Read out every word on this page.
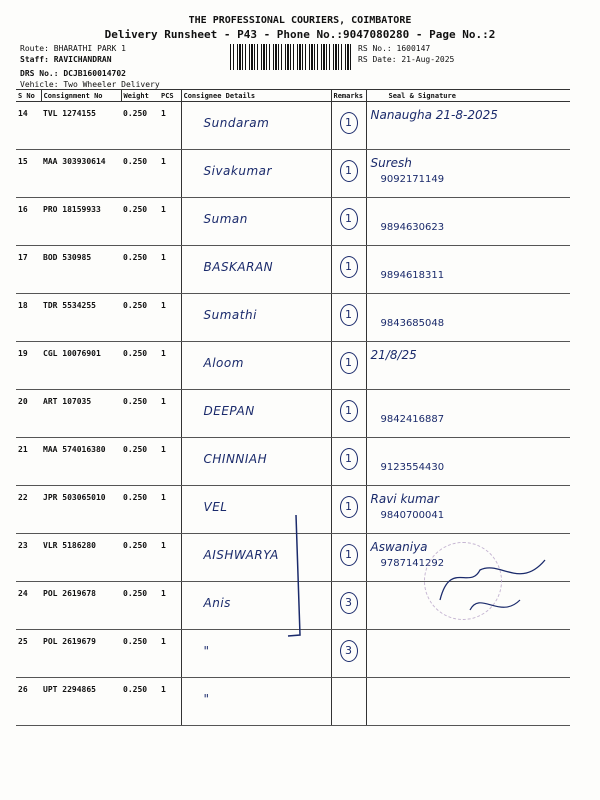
THE PROFESSIONAL COURIERS, COIMBATORE
Delivery Runsheet - P43 - Phone No.:9047080280 - Page No.:2
Route: BHARATHI PARK 1
Staff: RAVICHANDRAN
DRS No.: DCJB160014702
Vehicle: Two Wheeler Delivery
RS No.: 1600147
RS Date: 21-Aug-2025
S No	Consignment No	Weight	PCS	Consignee Details	Remarks	Seal & Signature
14	TVL 1274155	0.250	1	Sundaram	1	Nanaugha 21-8-2025

15	MAA 303930614	0.250	1	Sivakumar	1	Suresh
9092171149

16	PRO 18159933	0.250	1	Suman	1	9894630623

17	BOD 530985	0.250	1	BASKARAN	1	9894618311

18	TDR 5534255	0.250	1	Sumathi	1	9843685048

19	CGL 10076901	0.250	1	Aloom	1	21/8/25

20	ART 107035	0.250	1	DEEPAN	1	9842416887

21	MAA 574016380	0.250	1	CHINNIAH	1	9123554430

22	JPR 503065010	0.250	1	VEL	1	Ravi kumar
9840700041

23	VLR 5186280	0.250	1	AISHWARYA	1	Aswaniya
9787141292

24	POL 2619678	0.250	1	Anis	3	

25	POL 2619679	0.250	1	"	3	

26	UPT 2294865	0.250	1	"		
